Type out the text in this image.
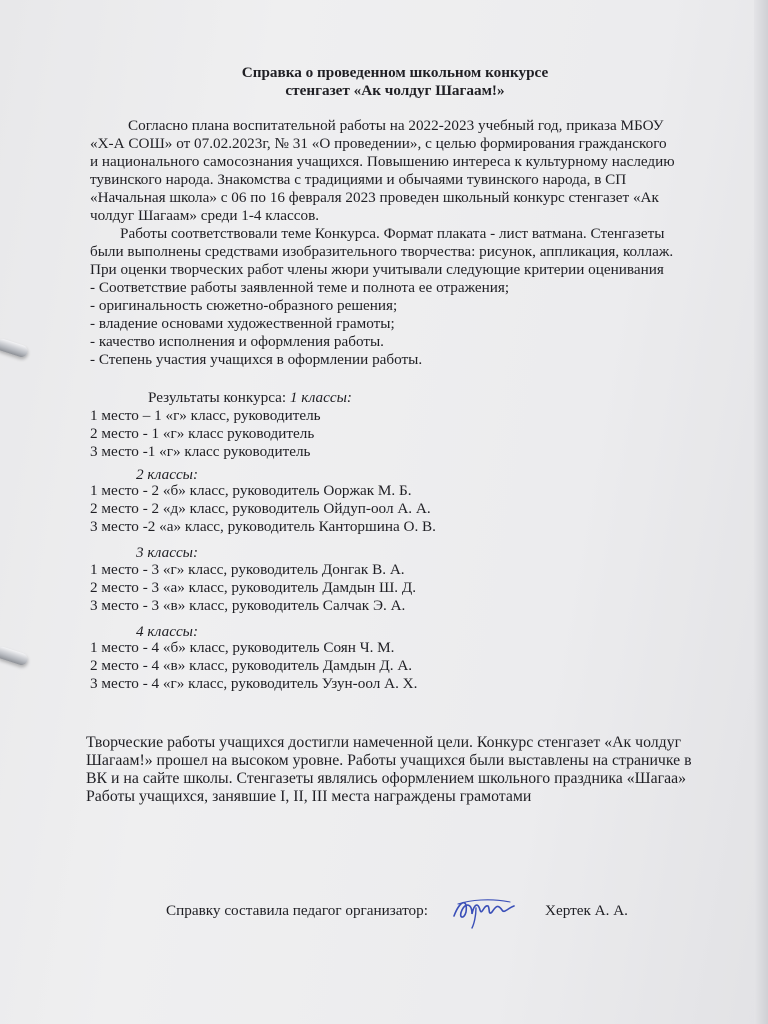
Справка о проведенном школьном конкурсе
стенгазет «Ак чолдуг Шагаам!»
Согласно плана воспитательной работы на 2022-2023 учебный год, приказа МБОУ
«Х-А СОШ» от 07.02.2023г, № 31 «О проведении», с целью формирования гражданского
и национального самосознания учащихся. Повышению интереса к культурному наследию
тувинского народа. Знакомства с традициями и обычаями тувинского народа, в СП
«Начальная школа» с 06 по 16 февраля 2023 проведен школьный конкурс стенгазет «Ак
чолдуг Шагаам» среди 1-4 классов.
Работы соответствовали теме Конкурса. Формат плаката - лист ватмана. Стенгазеты
были выполнены средствами изобразительного творчества: рисунок, аппликация, коллаж.
При оценки творческих работ члены жюри учитывали следующие критерии оценивания
- Соответствие работы заявленной теме и полнота ее отражения;
- оригинальность сюжетно-образного решения;
- владение основами художественной грамоты;
- качество исполнения и оформления работы.
- Степень участия учащихся в оформлении работы.
Результаты конкурса: 1 классы:
1 место – 1 «г» класс, руководитель
2 место - 1 «г» класс руководитель
3 место -1 «г» класс руководитель
2 классы:
1 место - 2 «б» класс, руководитель Ооржак М. Б.
2 место - 2 «д» класс, руководитель Ойдуп-оол А. А.
3 место -2 «а» класс, руководитель Канторшина О. В.
3 классы:
1 место - 3 «г» класс, руководитель Донгак В. А.
2 место - 3 «а» класс, руководитель Дамдын Ш. Д.
3 место - 3 «в» класс, руководитель Салчак Э. А.
4 классы:
1 место - 4 «б» класс, руководитель Соян Ч. М.
2 место - 4 «в» класс, руководитель Дамдын Д. А.
3 место - 4 «г» класс, руководитель Узун-оол А. Х.
Творческие работы учащихся достигли намеченной цели. Конкурс стенгазет «Ак чолдуг
Шагаам!» прошел на высоком уровне. Работы учащихся были выставлены на страничке в
ВК и на сайте школы. Стенгазеты являлись оформлением школьного праздника «Шагаа»
Работы учащихся, занявшие I, II, III места награждены грамотами
Справку составила педагог организатор:	Хертек А. А.
